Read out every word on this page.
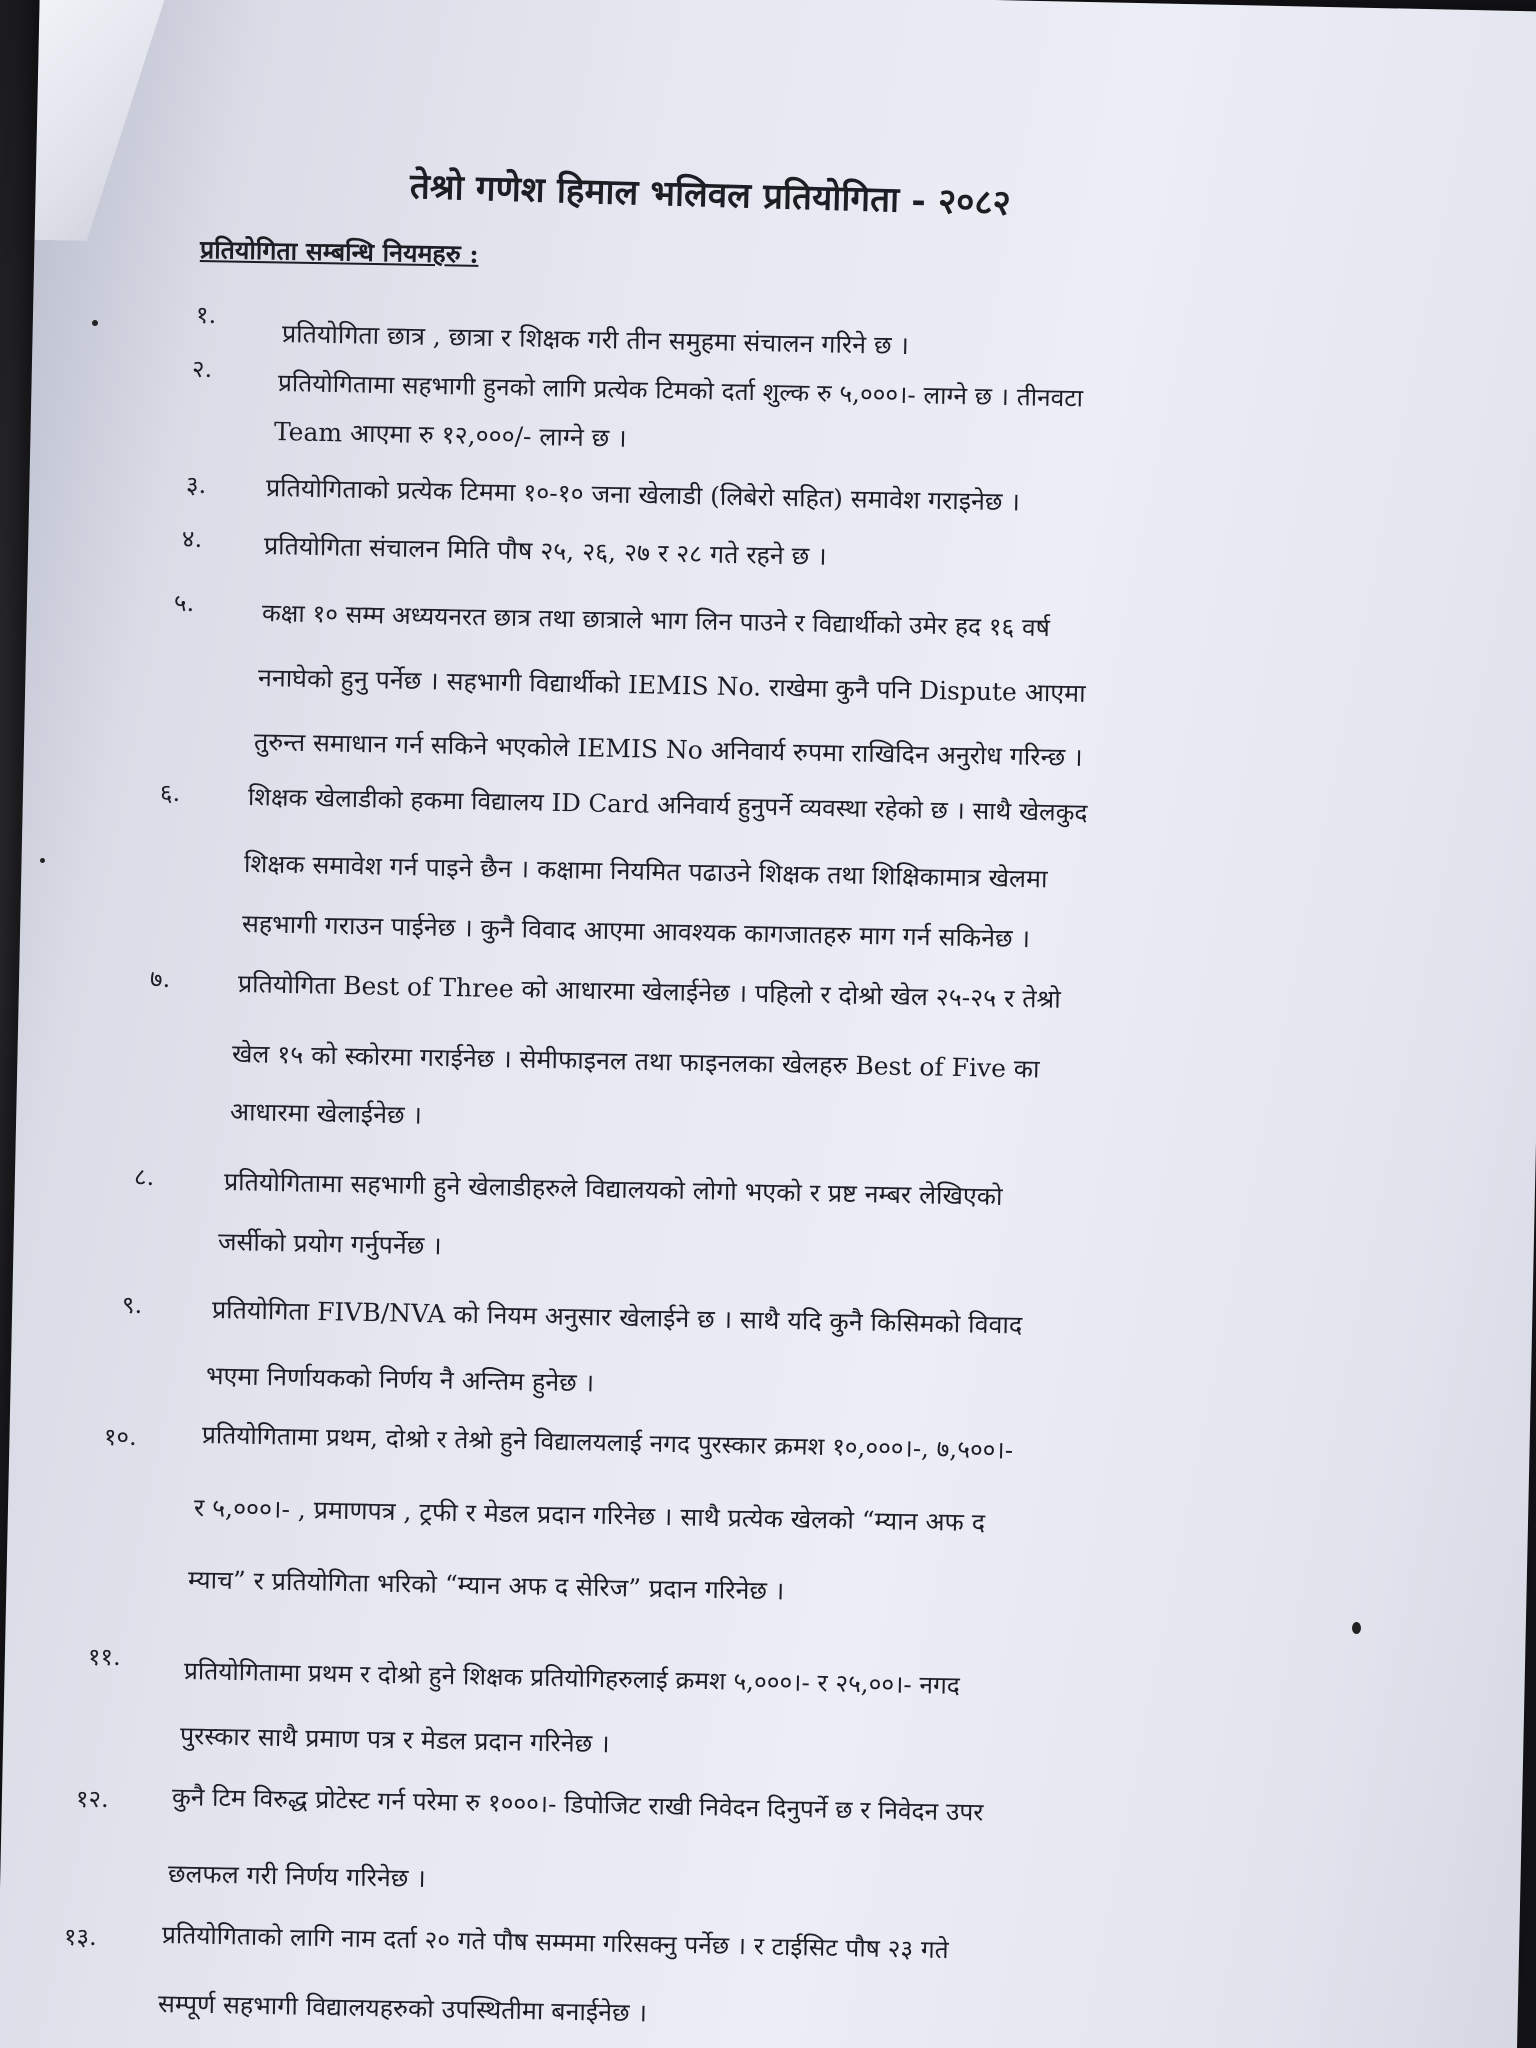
तेश्रो गणेश हिमाल भलिवल प्रतियोगिता - २०८२
प्रतियोगिता सम्बन्धि नियमहरु :
१.
प्रतियोगिता छात्र , छात्रा र शिक्षक गरी तीन समुहमा संचालन गरिने छ ।
२.	प्रतियोगितामा सहभागी हुनको लागि प्रत्येक टिमको दर्ता शुल्क रु ५,०००।- लाग्ने छ । तीनवटा
Team आएमा रु १२,०००/- लाग्ने छ ।
३. प्रतियोगिताको प्रत्येक टिममा १०-१० जना खेलाडी (लिबेरो सहित) समावेश गराइनेछ ।
४. प्रतियोगिता संचालन मिति पौष २५, २६, २७ र २८ गते रहने छ ।
५.	कक्षा १० सम्म अध्ययनरत छात्र तथा छात्राले भाग लिन पाउने र विद्यार्थीको उमेर हद १६ वर्ष
ननाघेको हुनु पर्नेछ । सहभागी विद्यार्थीको IEMIS No. राखेमा कुनै पनि Dispute आएमा
तुरुन्त समाधान गर्न सकिने भएकोले IEMIS No अनिवार्य रुपमा राखिदिन अनुरोध गरिन्छ ।
६.	शिक्षक खेलाडीको हकमा विद्यालय ID Card अनिवार्य हुनुपर्ने व्यवस्था रहेको छ । साथै खेलकुद
शिक्षक समावेश गर्न पाइने छैन । कक्षामा नियमित पढाउने शिक्षक तथा शिक्षिकामात्र खेलमा
सहभागी गराउन पाईनेछ । कुनै विवाद आएमा आवश्यक कागजातहरु माग गर्न सकिनेछ ।
७.	प्रतियोगिता Best of Three को आधारमा खेलाईनेछ । पहिलो र दोश्रो खेल २५-२५ र तेश्रो
खेल १५ को स्कोरमा गराईनेछ । सेमीफाइनल तथा फाइनलका खेलहरु Best of Five का
आधारमा खेलाईनेछ ।
८.	प्रतियोगितामा सहभागी हुने खेलाडीहरुले विद्यालयको लोगो भएको र प्रष्ट नम्बर लेखिएको
जर्सीको प्रयोग गर्नुपर्नेछ ।
९.	प्रतियोगिता FIVB/NVA को नियम अनुसार खेलाईने छ । साथै यदि कुनै किसिमको विवाद
भएमा निर्णायकको निर्णय नै अन्तिम हुनेछ ।
१०.	प्रतियोगितामा प्रथम, दोश्रो र तेश्रो हुने विद्यालयलाई नगद पुरस्कार क्रमश १०,०००।-, ७,५००।-
र ५,०००।- , प्रमाणपत्र , ट्रफी र मेडल प्रदान गरिनेछ । साथै प्रत्येक खेलको “म्यान अफ द
म्याच” र प्रतियोगिता भरिको “म्यान अफ द सेरिज” प्रदान गरिनेछ ।
११.	प्रतियोगितामा प्रथम र दोश्रो हुने शिक्षक प्रतियोगिहरुलाई क्रमश ५,०००।- र २५,००।- नगद
पुरस्कार साथै प्रमाण पत्र र मेडल प्रदान गरिनेछ ।
१२.	कुनै टिम विरुद्ध प्रोटेस्ट गर्न परेमा रु १०००।- डिपोजिट राखी निवेदन दिनुपर्ने छ र निवेदन उपर
छलफल गरी निर्णय गरिनेछ ।
१३.	प्रतियोगिताको लागि नाम दर्ता २० गते पौष सम्ममा गरिसक्नु पर्नेछ । र टाईसिट पौष २३ गते
सम्पूर्ण सहभागी विद्यालयहरुको उपस्थितीमा बनाईनेछ ।
